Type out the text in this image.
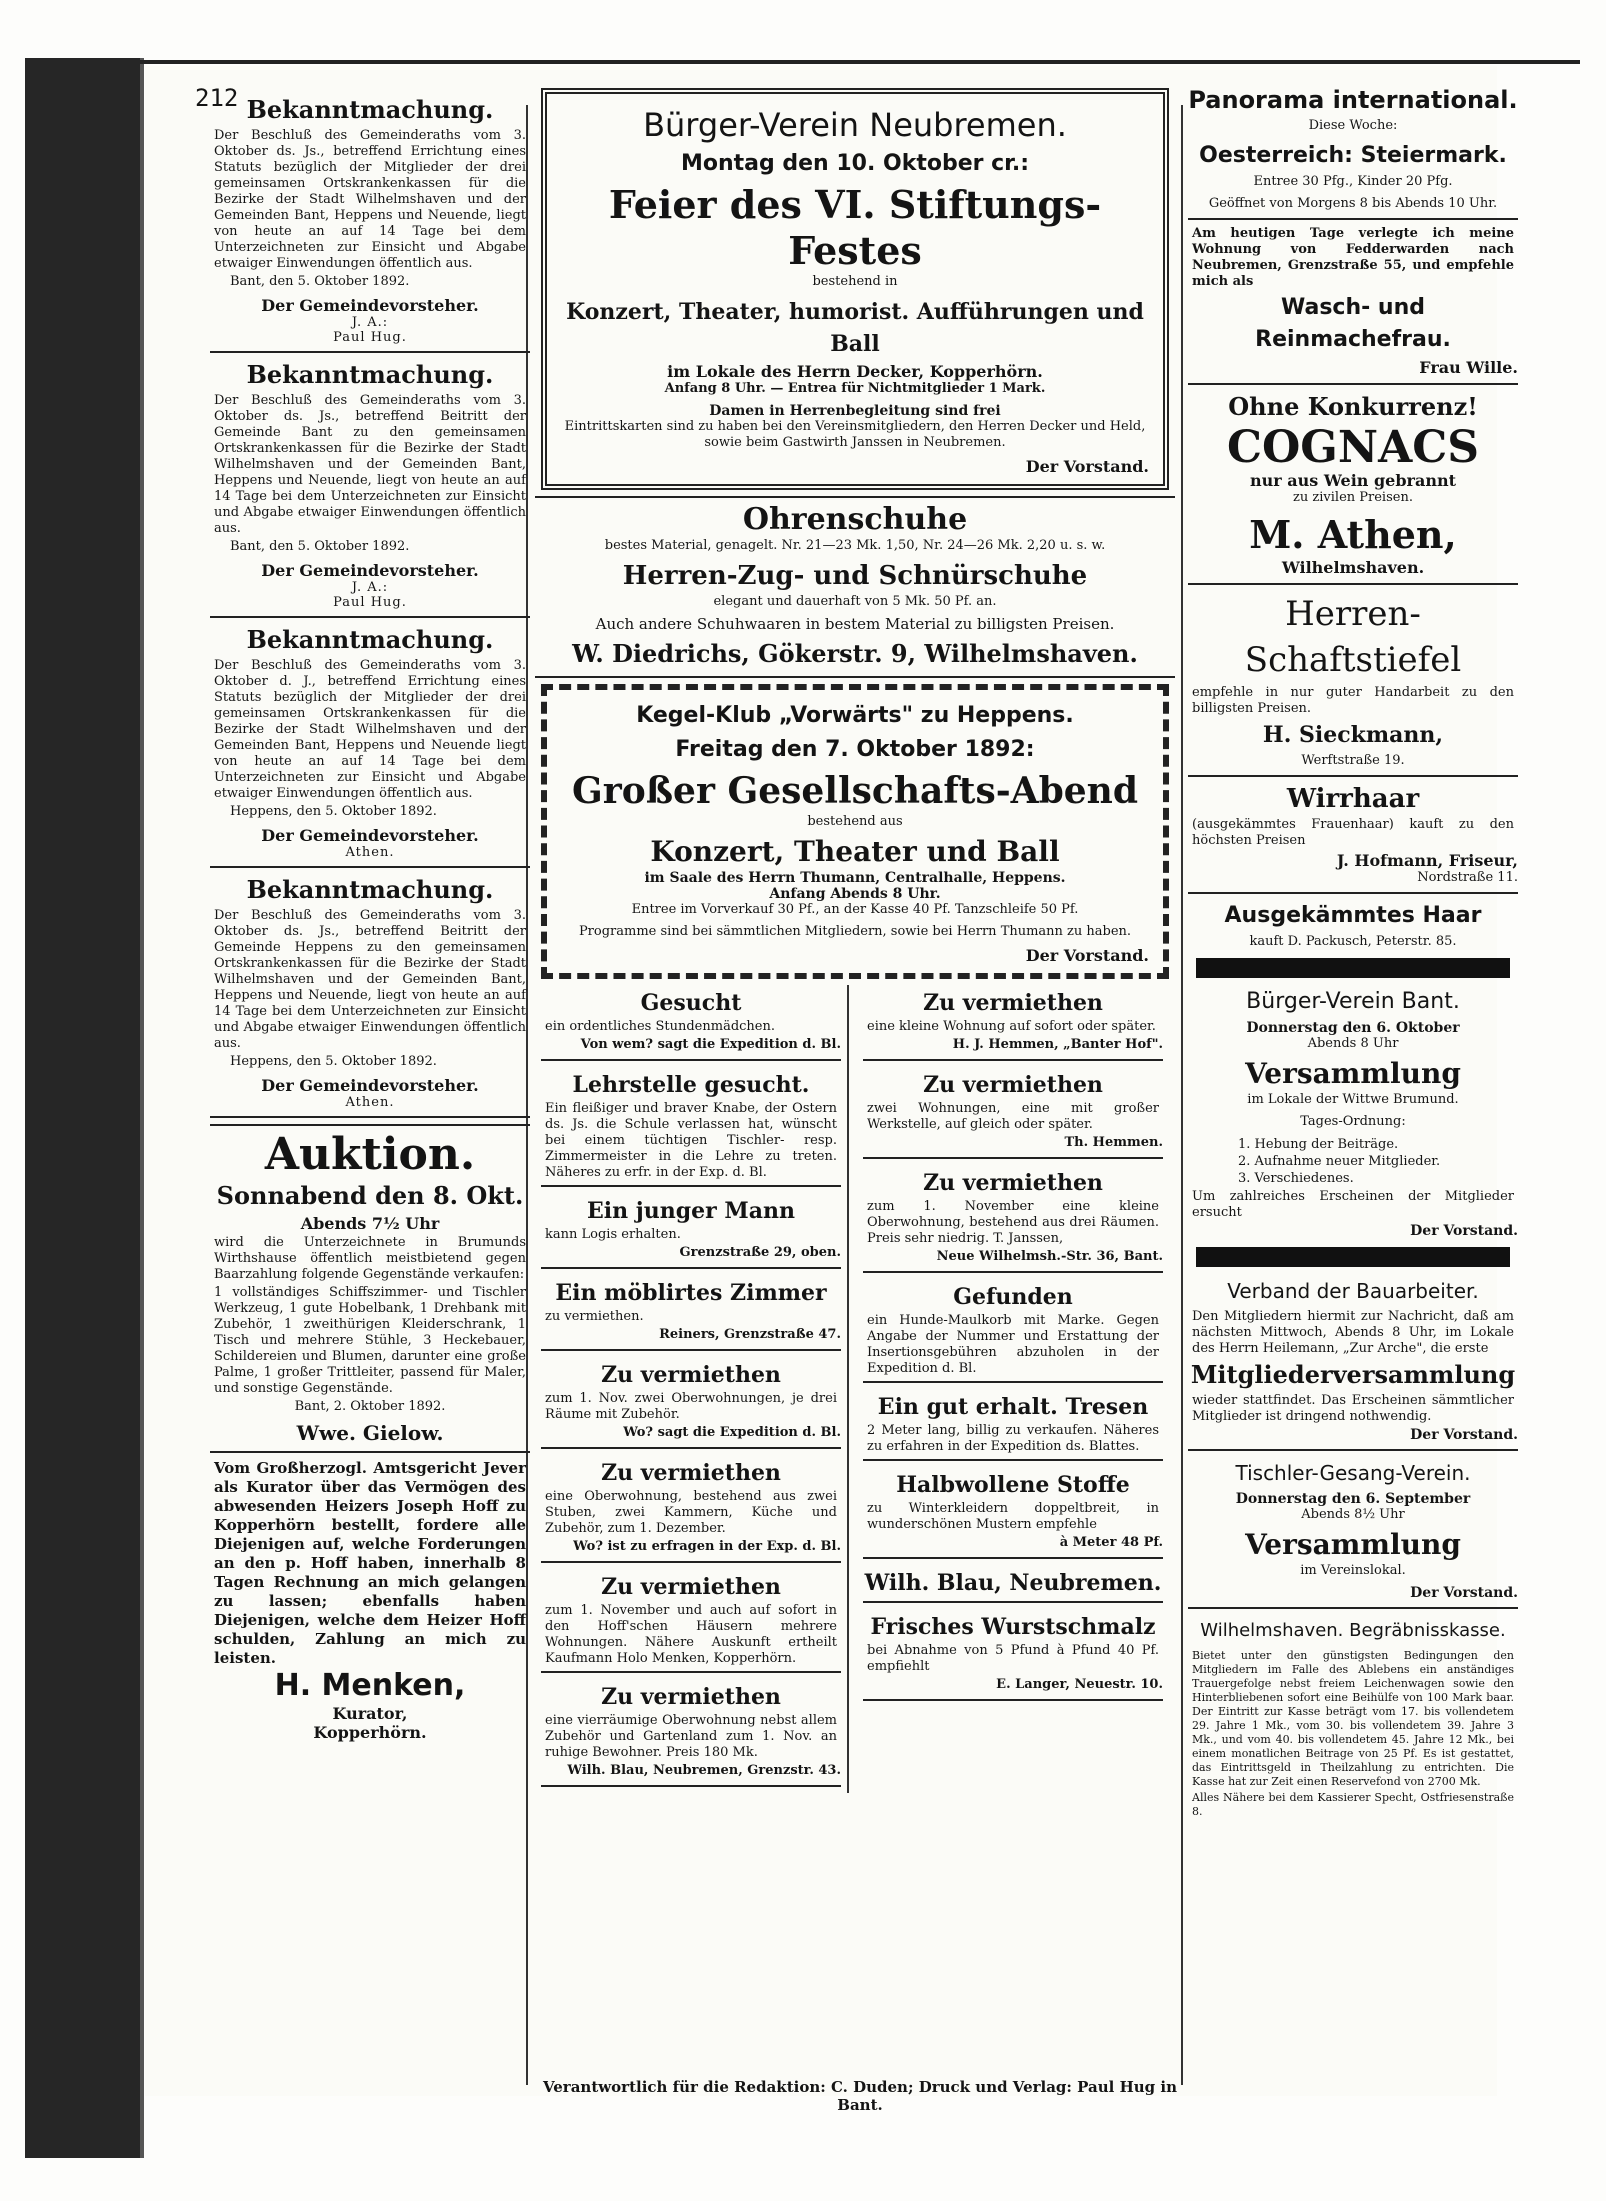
212 Bekanntmachung.
Der Beschluß des Gemeinderaths vom 3. Oktober ds. Js., betreffend Errichtung eines Statuts bezüglich der Mitglieder der drei gemeinsamen Ortskrankenkassen für die Bezirke der Stadt Wilhelmshaven und der Gemeinden Bant, Heppens und Neuende, liegt von heute an auf 14 Tage bei dem Unterzeichneten zur Einsicht und Abgabe etwaiger Einwendungen öffentlich aus.
Bant, den 5. Oktober 1892.
Der Gemeindevorsteher.
J. A.:
Paul Hug.
Bekanntmachung.
Der Beschluß des Gemeinderaths vom 3. Oktober ds. Js., betreffend Beitritt der Gemeinde Bant zu den gemeinsamen Ortskrankenkassen für die Bezirke der Stadt Wilhelmshaven und der Gemeinden Bant, Heppens und Neuende, liegt von heute an auf 14 Tage bei dem Unterzeichneten zur Einsicht und Abgabe etwaiger Einwendungen öffentlich aus.
Bant, den 5. Oktober 1892.
Der Gemeindevorsteher.
J. A.:
Paul Hug.
Bekanntmachung.
Der Beschluß des Gemeinderaths vom 3. Oktober d. J., betreffend Errichtung eines Statuts bezüglich der Mitglieder der drei gemeinsamen Ortskrankenkassen für die Bezirke der Stadt Wilhelmshaven und der Gemeinden Bant, Heppens und Neuende liegt von heute an auf 14 Tage bei dem Unterzeichneten zur Einsicht und Abgabe etwaiger Einwendungen öffentlich aus.
Heppens, den 5. Oktober 1892.
Der Gemeindevorsteher.
Athen.
Bekanntmachung.
Der Beschluß des Gemeinderaths vom 3. Oktober ds. Js., betreffend Beitritt der Gemeinde Heppens zu den gemeinsamen Ortskrankenkassen für die Bezirke der Stadt Wilhelmshaven und der Gemeinden Bant, Heppens und Neuende, liegt von heute an auf 14 Tage bei dem Unterzeichneten zur Einsicht und Abgabe etwaiger Einwendungen öffentlich aus.
Heppens, den 5. Oktober 1892.
Der Gemeindevorsteher.
Athen.
Auktion.
Sonnabend den 8. Okt.
Abends 7½ Uhr
wird die Unterzeichnete in Brumunds Wirthshause öffentlich meistbietend gegen Baarzahlung folgende Gegenstände verkaufen:
1 vollständiges Schiffszimmer- und Tischler Werkzeug, 1 gute Hobelbank, 1 Drehbank mit Zubehör, 1 zweithürigen Kleiderschrank, 1 Tisch und mehrere Stühle, 3 Heckebauer, Schildereien und Blumen, darunter eine große Palme, 1 großer Trittleiter, passend für Maler, und sonstige Gegenstände.
Bant, 2. Oktober 1892.
Wwe. Gielow.
Vom Großherzogl. Amtsgericht Jever als Kurator über das Vermögen des abwesenden Heizers Joseph Hoff zu Kopperhörn bestellt, fordere alle Diejenigen auf, welche Forderungen an den p. Hoff haben, innerhalb 8 Tagen Rechnung an mich gelangen zu lassen; ebenfalls haben Diejenigen, welche dem Heizer Hoff schulden, Zahlung an mich zu leisten.
H. Menken,
Kurator,
Kopperhörn.
Bürger-Verein Neubremen.
Montag den 10. Oktober cr.:
Feier des VI. Stiftungs-Festes
bestehend in
Konzert, Theater, humorist. Aufführungen und Ball
im Lokale des Herrn Decker, Kopperhörn.
Anfang 8 Uhr. — Entrea für Nichtmitglieder 1 Mark.
Damen in Herrenbegleitung sind frei
Eintrittskarten sind zu haben bei den Vereinsmitgliedern, den Herren Decker und Held, sowie beim Gastwirth Janssen in Neubremen.
Der Vorstand.
Ohrenschuhe
bestes Material, genagelt. Nr. 21—23 Mk. 1,50, Nr. 24—26 Mk. 2,20 u. s. w.
Herren-Zug- und Schnürschuhe
elegant und dauerhaft von 5 Mk. 50 Pf. an.
Auch andere Schuhwaaren in bestem Material zu billigsten Preisen.
W. Diedrichs, Gökerstr. 9, Wilhelmshaven.
Kegel-Klub „Vorwärts" zu Heppens.
Freitag den 7. Oktober 1892:
Großer Gesellschafts-Abend
bestehend aus
Konzert, Theater und Ball
im Saale des Herrn Thumann, Centralhalle, Heppens.
Anfang Abends 8 Uhr.
Entree im Vorverkauf 30 Pf., an der Kasse 40 Pf. Tanzschleife 50 Pf.
Programme sind bei sämmtlichen Mitgliedern, sowie bei Herrn Thumann zu haben.
Der Vorstand.
Gesucht
ein ordentliches Stundenmädchen.
Von wem? sagt die Expedition d. Bl.
Lehrstelle gesucht.
Ein fleißiger und braver Knabe, der Ostern ds. Js. die Schule verlassen hat, wünscht bei einem tüchtigen Tischler- resp. Zimmermeister in die Lehre zu treten. Näheres zu erfr. in der Exp. d. Bl.
Ein junger Mann
kann Logis erhalten.
Grenzstraße 29, oben.
Ein möblirtes Zimmer
zu vermiethen.
Reiners, Grenzstraße 47.
Zu vermiethen
zum 1. Nov. zwei Oberwohnungen, je drei Räume mit Zubehör.
Wo? sagt die Expedition d. Bl.
Zu vermiethen
eine Oberwohnung, bestehend aus zwei Stuben, zwei Kammern, Küche und Zubehör, zum 1. Dezember.
Wo? ist zu erfragen in der Exp. d. Bl.
Zu vermiethen
zum 1. November und auch auf sofort in den Hoff'schen Häusern mehrere Wohnungen. Nähere Auskunft ertheilt Kaufmann Holo Menken, Kopperhörn.
Zu vermiethen
eine vierräumige Oberwohnung nebst allem Zubehör und Gartenland zum 1. Nov. an ruhige Bewohner. Preis 180 Mk.
Wilh. Blau, Neubremen, Grenzstr. 43.
Zu vermiethen
eine kleine Wohnung auf sofort oder später.
H. J. Hemmen, „Banter Hof".
Zu vermiethen
zwei Wohnungen, eine mit großer Werkstelle, auf gleich oder später.
Th. Hemmen.
Zu vermiethen
zum 1. November eine kleine Oberwohnung, bestehend aus drei Räumen. Preis sehr niedrig. T. Janssen,
Neue Wilhelmsh.-Str. 36, Bant.
Gefunden
ein Hunde-Maulkorb mit Marke. Gegen Angabe der Nummer und Erstattung der Insertionsgebühren abzuholen in der Expedition d. Bl.
Ein gut erhalt. Tresen
2 Meter lang, billig zu verkaufen. Näheres zu erfahren in der Expedition ds. Blattes.
Halbwollene Stoffe
zu Winterkleidern doppeltbreit, in wunderschönen Mustern empfehle
à Meter 48 Pf.
Wilh. Blau, Neubremen.
Frisches Wurstschmalz
bei Abnahme von 5 Pfund à Pfund 40 Pf. empfiehlt
E. Langer, Neuestr. 10.
Panorama international.
Diese Woche:
Oesterreich: Steiermark.
Entree 30 Pfg., Kinder 20 Pfg.
Geöffnet von Morgens 8 bis Abends 10 Uhr.
Am heutigen Tage verlegte ich meine Wohnung von Fedderwarden nach Neubremen, Grenzstraße 55, und empfehle mich als
Wasch- und Reinmachefrau.
Frau Wille.
Ohne Konkurrenz!
COGNACS
nur aus Wein gebrannt
zu zivilen Preisen.
M. Athen,
Wilhelmshaven.
Herren-Schaftstiefel
empfehle in nur guter Handarbeit zu den billigsten Preisen.
H. Sieckmann,
Werftstraße 19.
Wirrhaar
(ausgekämmtes Frauenhaar) kauft zu den höchsten Preisen
J. Hofmann, Friseur,
Nordstraße 11.
Ausgekämmtes Haar
kauft D. Packusch, Peterstr. 85.
Bürger-Verein Bant.
Donnerstag den 6. Oktober
Abends 8 Uhr
Versammlung
im Lokale der Wittwe Brumund.
Tages-Ordnung:
1. Hebung der Beiträge.
2. Aufnahme neuer Mitglieder.
3. Verschiedenes.
Um zahlreiches Erscheinen der Mitglieder ersucht
Der Vorstand.
Verband der Bauarbeiter.
Den Mitgliedern hiermit zur Nachricht, daß am nächsten Mittwoch, Abends 8 Uhr, im Lokale des Herrn Heilemann, „Zur Arche", die erste
Mitgliederversammlung
wieder stattfindet. Das Erscheinen sämmtlicher Mitglieder ist dringend nothwendig.
Der Vorstand.
Tischler-Gesang-Verein.
Donnerstag den 6. September
Abends 8½ Uhr
Versammlung
im Vereinslokal.
Der Vorstand.
Wilhelmshaven. Begräbnisskasse.
Bietet unter den günstigsten Bedingungen den Mitgliedern im Falle des Ablebens ein anständiges Trauergefolge nebst freiem Leichenwagen sowie den Hinterbliebenen sofort eine Beihülfe von 100 Mark baar. Der Eintritt zur Kasse beträgt vom 17. bis vollendetem 29. Jahre 1 Mk., vom 30. bis vollendetem 39. Jahre 3 Mk., und vom 40. bis vollendetem 45. Jahre 12 Mk., bei einem monatlichen Beitrage von 25 Pf. Es ist gestattet, das Eintrittsgeld in Theilzahlung zu entrichten. Die Kasse hat zur Zeit einen Reservefond von 2700 Mk.
Alles Nähere bei dem Kassierer Specht, Ostfriesenstraße 8.
Verantwortlich für die Redaktion: C. Duden; Druck und Verlag: Paul Hug in Bant.
